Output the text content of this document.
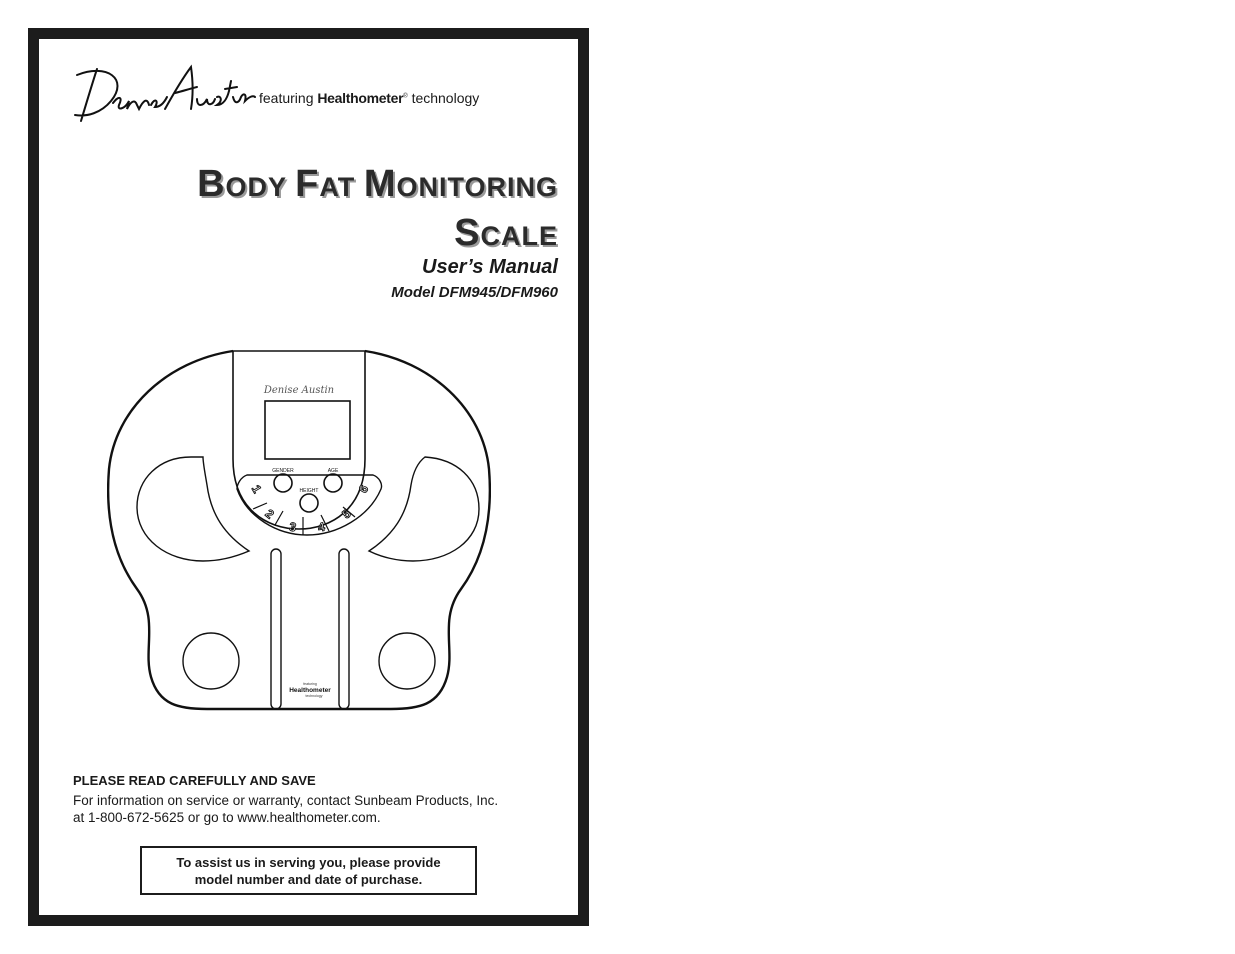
Denise Austin
featuring Healthometer® technology
BODY FAT MONITORING
SCALE
User’s Manual
Model DFM945/DFM960
Denise Austin
GENDER
HEIGHT
AGE
1
2
3 4
5
6
featuring
Healthometer
technology
PLEASE READ CAREFULLY AND SAVE
For information on service or warranty, contact Sunbeam Products, Inc.
at 1-800-672-5625 or go to www.healthometer.com.
To assist us in serving you, please provide
model number and date of purchase.
